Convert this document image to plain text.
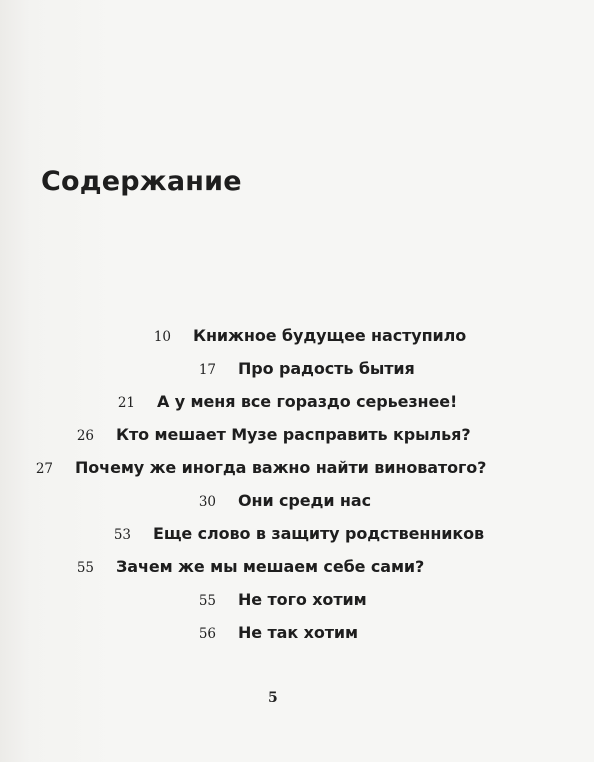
Содержание
10 Книжное будущее наступило
17 Про радость бытия
21 А у меня все гораздо серьезнее!
26 Кто мешает Музе расправить крылья?
27 Почему же иногда важно найти виноватого?
30 Они среди нас
53 Еще слово в защиту родственников
55 Зачем же мы мешаем себе сами?
55 Не того хотим
56 Не так хотим
5
